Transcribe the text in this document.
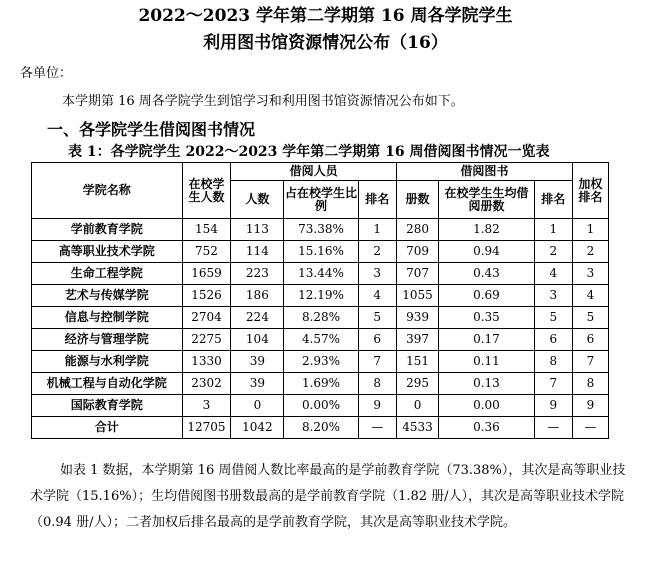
2022～2023 学年第二学期第 16 周各学院学生
利用图书馆资源情况公布（16）
各单位：
本学期第 16 周各学院学生到馆学习和利用图书馆资源情况公布如下。
一、各学院学生借阅图书情况
表 1：各学院学生 2022～2023 学年第二学期第 16 周借阅图书情况一览表
学院名称	在校学生人数	借阅人员			借阅图书			加权排名
		人数	占在校学生比例	排名	册数	在校学生生均借阅册数	排名	
学前教育学院	154	113	73.38%	1	280	1.82	1	1
高等职业技术学院	752	114	15.16%	2	709	0.94	2	2
生命工程学院	1659	223	13.44%	3	707	0.43	4	3
艺术与传媒学院	1526	186	12.19%	4	1055	0.69	3	4
信息与控制学院	2704	224	8.28%	5	939	0.35	5	5
经济与管理学院	2275	104	4.57%	6	397	0.17	6	6
能源与水利学院	1330	39	2.93%	7	151	0.11	8	7
机械工程与自动化学院	2302	39	1.69%	8	295	0.13	7	8
国际教育学院	3	0	0.00%	9	0	0.00	9	9
合计	12705	1042	8.20%	—	4533	0.36	—	—
如表 1 数据，本学期第 16 周借阅人数比率最高的是学前教育学院（73.38%），其次是高等职业技术学院（15.16%）；生均借阅图书册数最高的是学前教育学院（1.82 册/人），其次是高等职业技术学院（0.94 册/人）；二者加权后排名最高的是学前教育学院，其次是高等职业技术学院。
